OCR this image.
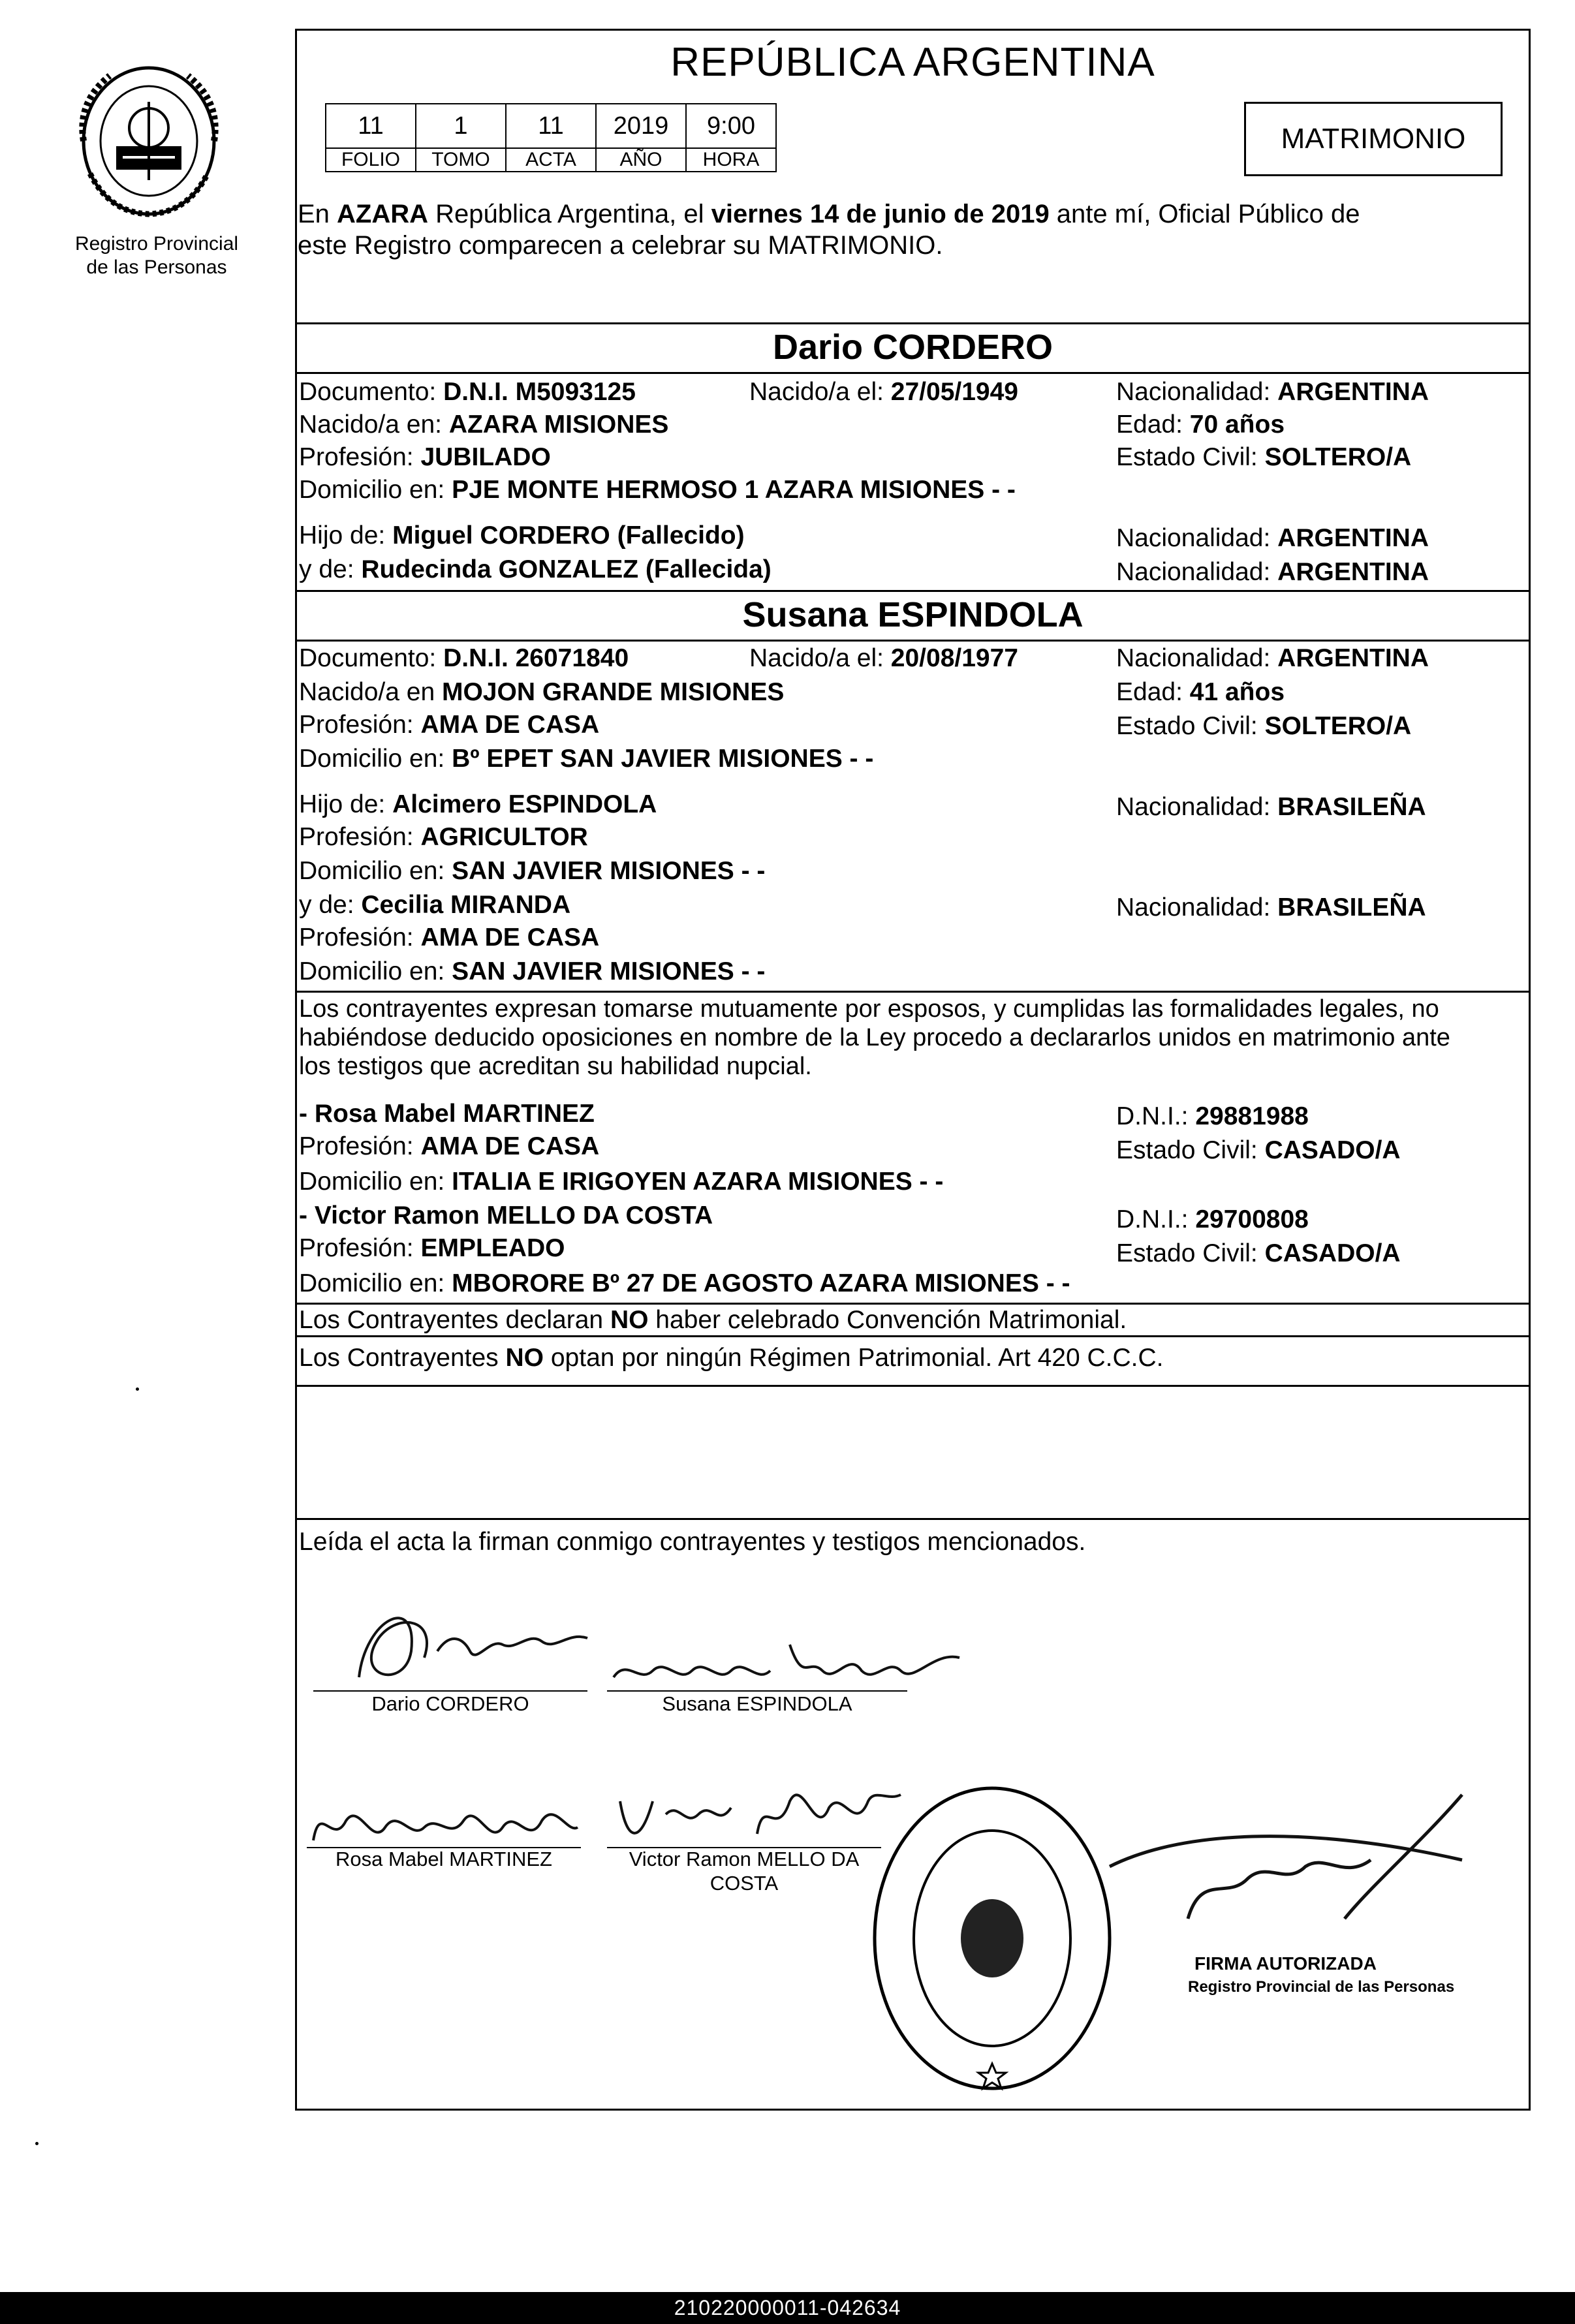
Registro Provincial
de las Personas
REPÚBLICA ARGENTINA
11	1	11	2019	9:00
FOLIO	TOMO	ACTA	AÑO	HORA
MATRIMONIO
En AZARA República Argentina, el viernes 14 de junio de 2019 ante mí, Oficial Público de
este Registro comparecen a celebrar su MATRIMONIO.
Dario CORDERO
Documento: D.N.I. M5093125	Nacido/a el: 27/05/1949	Nacionalidad: ARGENTINA
Nacido/a en: AZARA MISIONES	Edad: 70 años
Profesión: JUBILADO	Estado Civil: SOLTERO/A
Domicilio en: PJE MONTE HERMOSO 1 AZARA MISIONES - -
Hijo de: Miguel CORDERO (Fallecido)	Nacionalidad: ARGENTINA
y de: Rudecinda GONZALEZ (Fallecida)	Nacionalidad: ARGENTINA
Susana ESPINDOLA
Documento: D.N.I. 26071840	Nacido/a el: 20/08/1977	Nacionalidad: ARGENTINA
Nacido/a en MOJON GRANDE MISIONES	Edad: 41 años
Profesión: AMA DE CASA	Estado Civil: SOLTERO/A
Domicilio en: Bº EPET SAN JAVIER MISIONES - -
Hijo de: Alcimero ESPINDOLA	Nacionalidad: BRASILEÑA
Profesión: AGRICULTOR
Domicilio en: SAN JAVIER MISIONES - -
y de: Cecilia MIRANDA	Nacionalidad: BRASILEÑA
Profesión: AMA DE CASA
Domicilio en: SAN JAVIER MISIONES - -
Los contrayentes expresan tomarse mutuamente por esposos, y cumplidas las formalidades legales, no
habiéndose deducido oposiciones en nombre de la Ley procedo a declararlos unidos en matrimonio ante
los testigos que acreditan su habilidad nupcial.
- Rosa Mabel MARTINEZ	D.N.I.: 29881988
Profesión: AMA DE CASA	Estado Civil: CASADO/A
Domicilio en: ITALIA E IRIGOYEN AZARA MISIONES - -
- Victor Ramon MELLO DA COSTA	D.N.I.: 29700808
Profesión: EMPLEADO	Estado Civil: CASADO/A
Domicilio en: MBORORE Bº 27 DE AGOSTO AZARA MISIONES - -
Los Contrayentes declaran NO haber celebrado Convención Matrimonial.
Los Contrayentes NO optan por ningún Régimen Patrimonial. Art 420 C.C.C.
Leída el acta la firman conmigo contrayentes y testigos mencionados.
Dario CORDERO	Susana ESPINDOLA
Rosa Mabel MARTINEZ	Victor Ramon MELLO DA
COSTA
FIRMA AUTORIZADA
Registro Provincial de las Personas
210220000011-042634
